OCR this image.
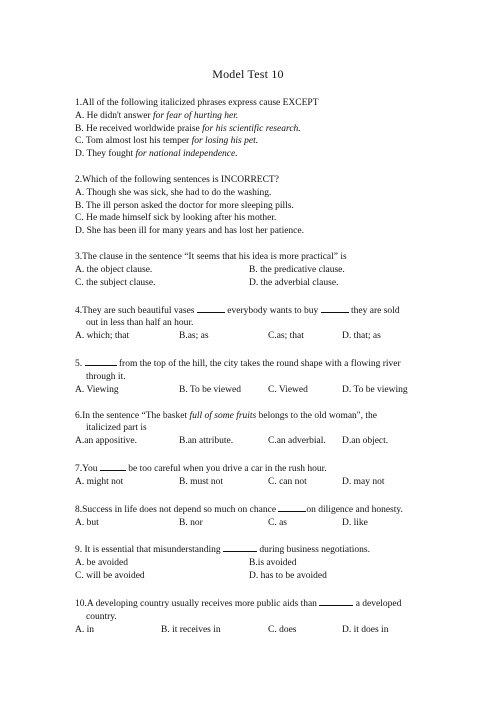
Model Test 10
1.All of the following italicized phrases express cause EXCEPT
A. He didn't answer for fear of hurting her.
B. He received worldwide praise for his scientific research.
C. Tom almost lost his temper for losing his pet.
D. They fought for national independence.
2.Which of the following sentences is INCORRECT?
A. Though she was sick, she had to do the washing.
B. The ill person asked the doctor for more sleeping pills.
C. He made himself sick by looking after his mother.
D. She has been ill for many years and has lost her patience.
3.The clause in the sentence “It seems that his idea is more practical” is
A. the object clause.	B. the predicative clause.
C. the subject clause.	D. the adverbial clause.
4.They are such beautiful vases	everybody wants to buy	they are sold
out in less than half an hour.
A. which; that	B.as; as	C.as; that	D. that; as
5.	from the top of the hill, the city takes the round shape with a flowing river
through it.
A. Viewing	B. To be viewed	C. Viewed	D. To be viewing
6.In the sentence “The basket full of some fruits belongs to the old woman", the
italicized part is
A.an appositive.	B.an attribute.	C.an adverbial.	D.an object.
7.You	be too careful when you drive a car in the rush hour.
A. might not	B. must not	C. can not	D. may not
8.Success in life does not depend so much on chance	on diligence and honesty.
A. but	B. nor	C. as	D. like
9. It is essential that misunderstanding	during business negotiations.
A. be avoided	B.is avoided
C. will be avoided	D. has to be avoided
10.A developing country usually receives more public aids than	a developed
country.
A. in	B. it receives in	C. does	D. it does in
